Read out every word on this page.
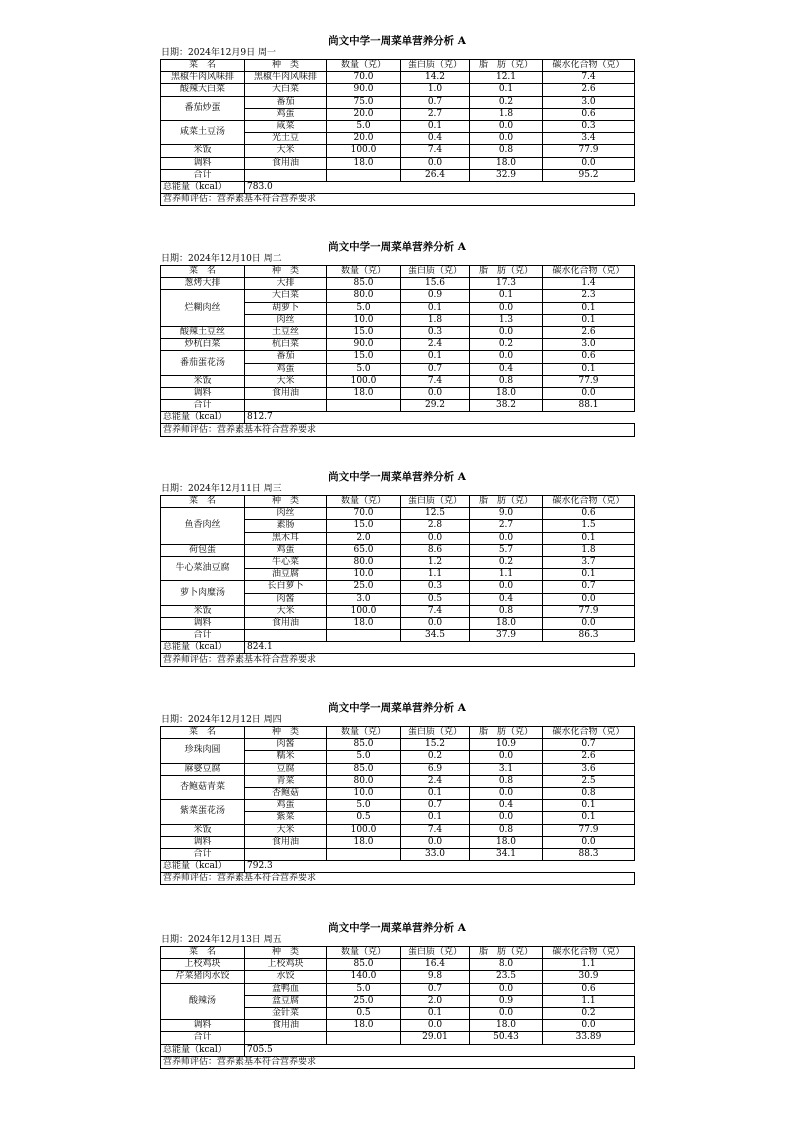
尚文中学一周菜单营养分析 A
日期：2024年12月9日 周一
菜　名	种　类	数量（克）	蛋白质（克）	脂　肪（克）	碳水化合物（克）
黑椒牛肉风味排	黑椒牛肉风味排	70.0	14.2	12.1	7.4
酸辣大白菜	大白菜	90.0	1.0	0.1	2.6
番茄炒蛋	番茄	75.0	0.7	0.2	3.0
	鸡蛋	20.0	2.7	1.8	0.6
咸菜土豆汤	咸菜	5.0	0.1	0.0	0.3
	光土豆	20.0	0.4	0.0	3.4
米饭	大米	100.0	7.4	0.8	77.9
调料	食用油	18.0	0.0	18.0	0.0
合计			26.4	32.9	95.2
总能量（kcal）	783.0				
营养师评估：营养素基本符合营养要求					
尚文中学一周菜单营养分析 A
日期：2024年12月10日 周二
菜　名	种　类	数量（克）	蛋白质（克）	脂　肪（克）	碳水化合物（克）
葱烤大排	大排	85.0	15.6	17.3	1.4
烂糊肉丝	大白菜	80.0	0.9	0.1	2.3
	胡萝卜	5.0	0.1	0.0	0.1
	肉丝	10.0	1.8	1.3	0.1
酸辣土豆丝	土豆丝	15.0	0.3	0.0	2.6
炒杭白菜	杭白菜	90.0	2.4	0.2	3.0
番茄蛋花汤	番茄	15.0	0.1	0.0	0.6
	鸡蛋	5.0	0.7	0.4	0.1
米饭	大米	100.0	7.4	0.8	77.9
调料	食用油	18.0	0.0	18.0	0.0
合计			29.2	38.2	88.1
总能量（kcal）	812.7				
营养师评估：营养素基本符合营养要求					
尚文中学一周菜单营养分析 A
日期：2024年12月11日 周三
菜　名	种　类	数量（克）	蛋白质（克）	脂　肪（克）	碳水化合物（克）
鱼香肉丝	肉丝	70.0	12.5	9.0	0.6
	素肠	15.0	2.8	2.7	1.5
	黑木耳	2.0	0.0	0.0	0.1
荷包蛋	鸡蛋	65.0	8.6	5.7	1.8
牛心菜油豆腐	牛心菜	80.0	1.2	0.2	3.7
	油豆腐	10.0	1.1	1.1	0.1
萝卜肉糜汤	长白萝卜	25.0	0.3	0.0	0.7
	肉酱	3.0	0.5	0.4	0.0
米饭	大米	100.0	7.4	0.8	77.9
调料	食用油	18.0	0.0	18.0	0.0
合计			34.5	37.9	86.3
总能量（kcal）	824.1				
营养师评估：营养素基本符合营养要求					
尚文中学一周菜单营养分析 A
日期：2024年12月12日 周四
菜　名	种　类	数量（克）	蛋白质（克）	脂　肪（克）	碳水化合物（克）
珍珠肉圆	肉酱	85.0	15.2	10.9	0.7
	糯米	5.0	0.2	0.0	2.6
麻婆豆腐	豆腐	85.0	6.9	3.1	3.6
杏鲍菇青菜	青菜	80.0	2.4	0.8	2.5
	杏鲍菇	10.0	0.1	0.0	0.8
紫菜蛋花汤	鸡蛋	5.0	0.7	0.4	0.1
	紫菜	0.5	0.1	0.0	0.1
米饭	大米	100.0	7.4	0.8	77.9
调料	食用油	18.0	0.0	18.0	0.0
合计			33.0	34.1	88.3
总能量（kcal）	792.3				
营养师评估：营养素基本符合营养要求					
尚文中学一周菜单营养分析 A
日期：2024年12月13日 周五
菜　名	种　类	数量（克）	蛋白质（克）	脂　肪（克）	碳水化合物（克）
上校鸡块	上校鸡块	85.0	16.4	8.0	1.1
芹菜猪肉水饺	水饺	140.0	9.8	23.5	30.9
酸辣汤	盒鸭血	5.0	0.7	0.0	0.6
	盒豆腐	25.0	2.0	0.9	1.1
	金针菜	0.5	0.1	0.0	0.2
调料	食用油	18.0	0.0	18.0	0.0
合计			29.01	50.43	33.89
总能量（kcal）	705.5				
营养师评估：营养素基本符合营养要求					
